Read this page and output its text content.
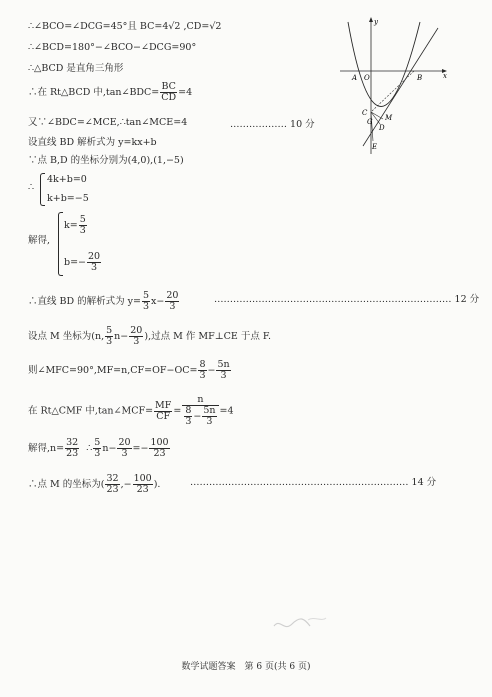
∴∠BCO=∠DCG=45°且 BC=4√2 ,CD=√2
∴∠BCD=180°−∠BCO−∠DCG=90°
∴△BCD 是直角三角形
∴在 Rt△BCD 中,tan∠BDC= $\frac{BC}{CD} =4$
又∵∠BDC=∠MCE,∴tan∠MCE=4	……………… 10 分
设直线 BD 解析式为 y=kx+b
∵点 B,D 的坐标分别为(4,0),(1,−5)
∴
4k+b=0
k+b=−5
解得,
$k= \frac{5}{3}$
$b=- \frac{20}{3}$
∴直线 BD 的解析式为 $y= \frac{5}{3} x- \frac{20}{3}$	………………………………………………………………… 12 分
设点 M 坐标为(n, $\frac{5}{3} n- \frac{20}{3}$ ),过点 M 作 MF⊥CE 于点 F.
则∠MFC=90°,MF=n,CF=OF−OC= $\frac{8}{3} - \frac{5n}{3}$
在 Rt△CMF 中,tan∠MCF= $\frac{MF}{CF} = \frac{n}{\frac{8}{3} - \frac{5n}{3}} =4$
解得$,n= \frac{32}{23}$ ∴ $\frac{5}{3} n- \frac{20}{3} =- \frac{100}{23}$
∴点 M 的坐标为( $\frac{32}{23}$ ,− $\frac{100}{23}$ ).	…………………………………………………………… 14 分
A O	B	x
y
C
G M
D
E
数学试题答案　第 6 页(共 6 页)
